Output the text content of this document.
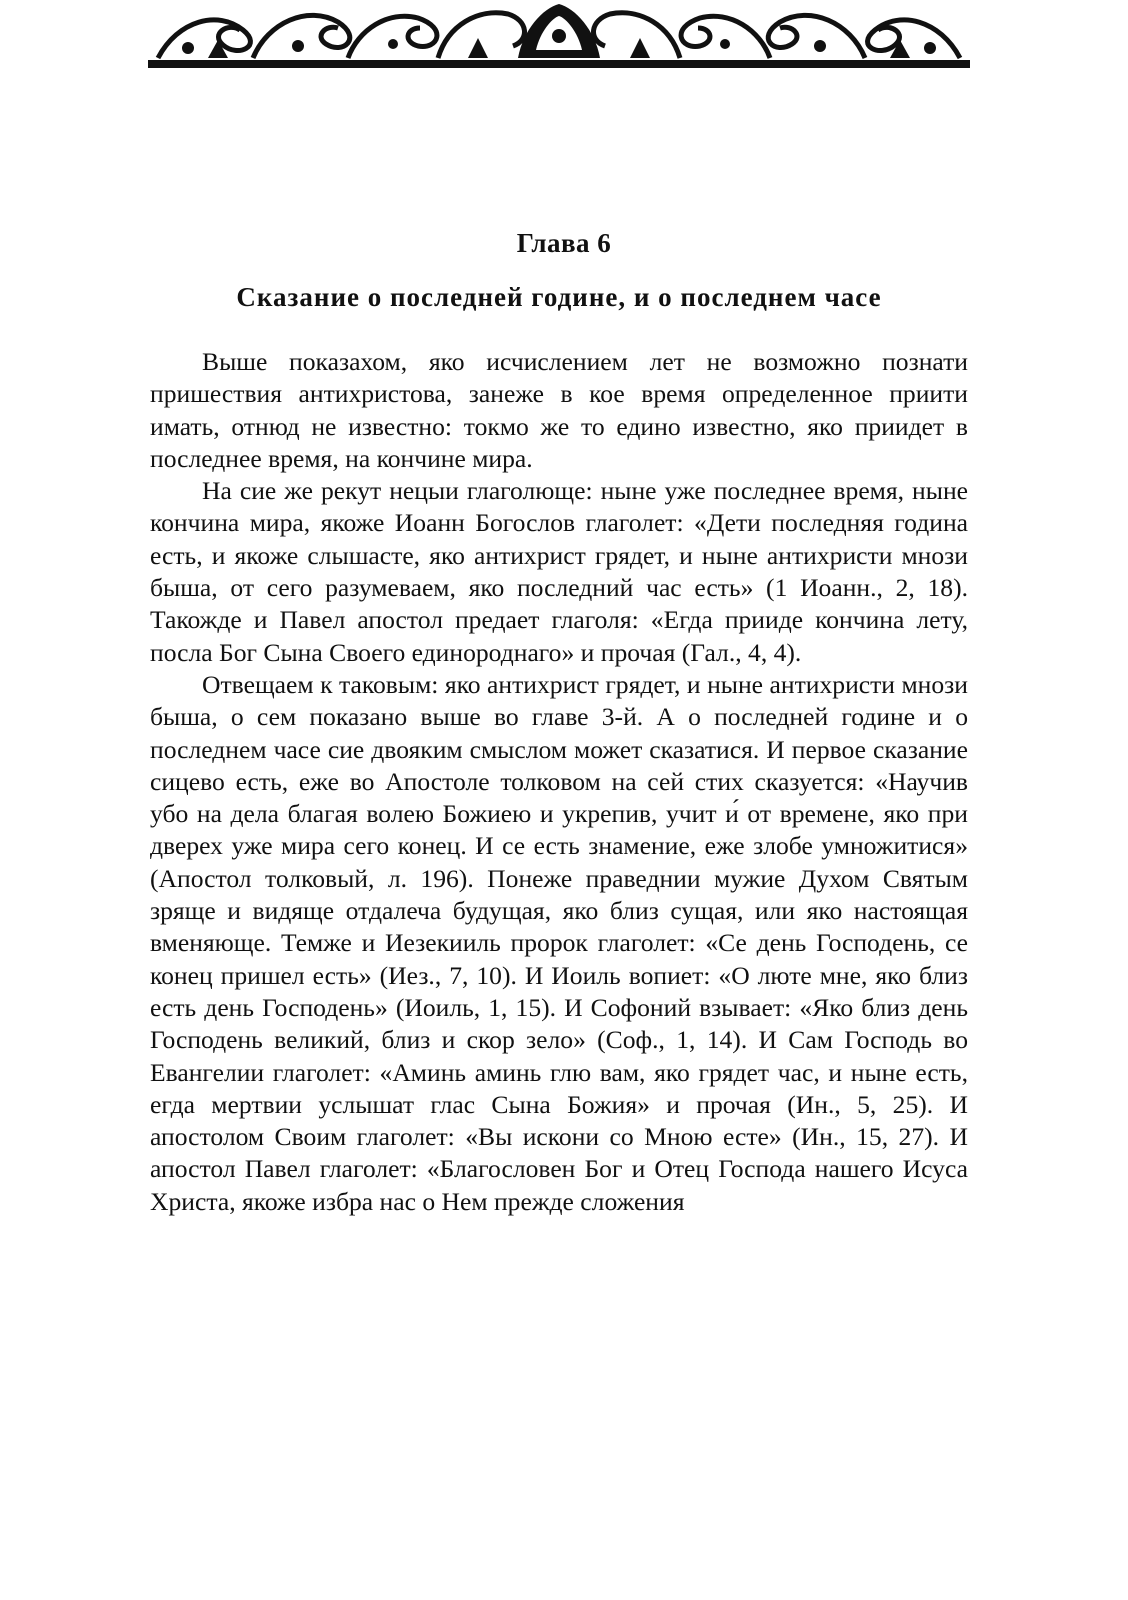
Глава 6
Сказание о последней године, и о последнем часе

Выше показахом, яко исчислением лет не возможно познати пришествия антихристова, занеже в кое время определенное приити имать, отнюд не известно: токмо же то едино известно, яко приидет в последнее время, на кончине мира.

На сие же рекут нецыи глаголюще: ныне уже последнее время, ныне кончина мира, якоже Иоанн Богослов глаголет: «Дети последняя година есть, и якоже слышасте, яко антихрист грядет, и ныне антихристи мнози быша, от сего разумеваем, яко последний час есть» (1 Иоанн., 2, 18). Такожде и Павел апостол предает глаголя: «Егда прииде кончина лету, посла Бог Сына Своего единороднаго» и прочая (Гал., 4, 4).

Отвещаем к таковым: яко антихрист грядет, и ныне антихристи мнози быша, о сем показано выше во главе 3-й. А о последней године и о последнем часе сие двояким смыслом может сказатися. И первое сказание сицево есть, еже во Апостоле толковом на сей стих сказуется: «Научив убо на дела благая волею Божиею и укрепив, учит и́ от времене, яко при дверех уже мира сего конец. И се есть знамение, еже злобе умножитися» (Апостол толковый, л. 196). Понеже праведнии мужие Духом Святым зряще и видяще отдалеча будущая, яко близ сущая, или яко настоящая вменяюще. Темже и Иезекииль пророк глаголет: «Се день Господень, се конец пришел есть» (Иез., 7, 10). И Иоиль вопиет: «О люте мне, яко близ есть день Господень» (Иоиль, 1, 15). И Софоний взывает: «Яко близ день Господень великий, близ и скор зело» (Соф., 1, 14). И Сам Господь во Евангелии глаголет: «Аминь аминь глю вам, яко грядет час, и ныне есть, егда мертвии услышат глас Сына Божия» и прочая (Ин., 5, 25). И апостолом Своим глаголет: «Вы искони со Мною есте» (Ин., 15, 27). И апостол Павел глаголет: «Благословен Бог и Отец Господа нашего Исуса Христа, якоже избра нас о Нем прежде сложения
